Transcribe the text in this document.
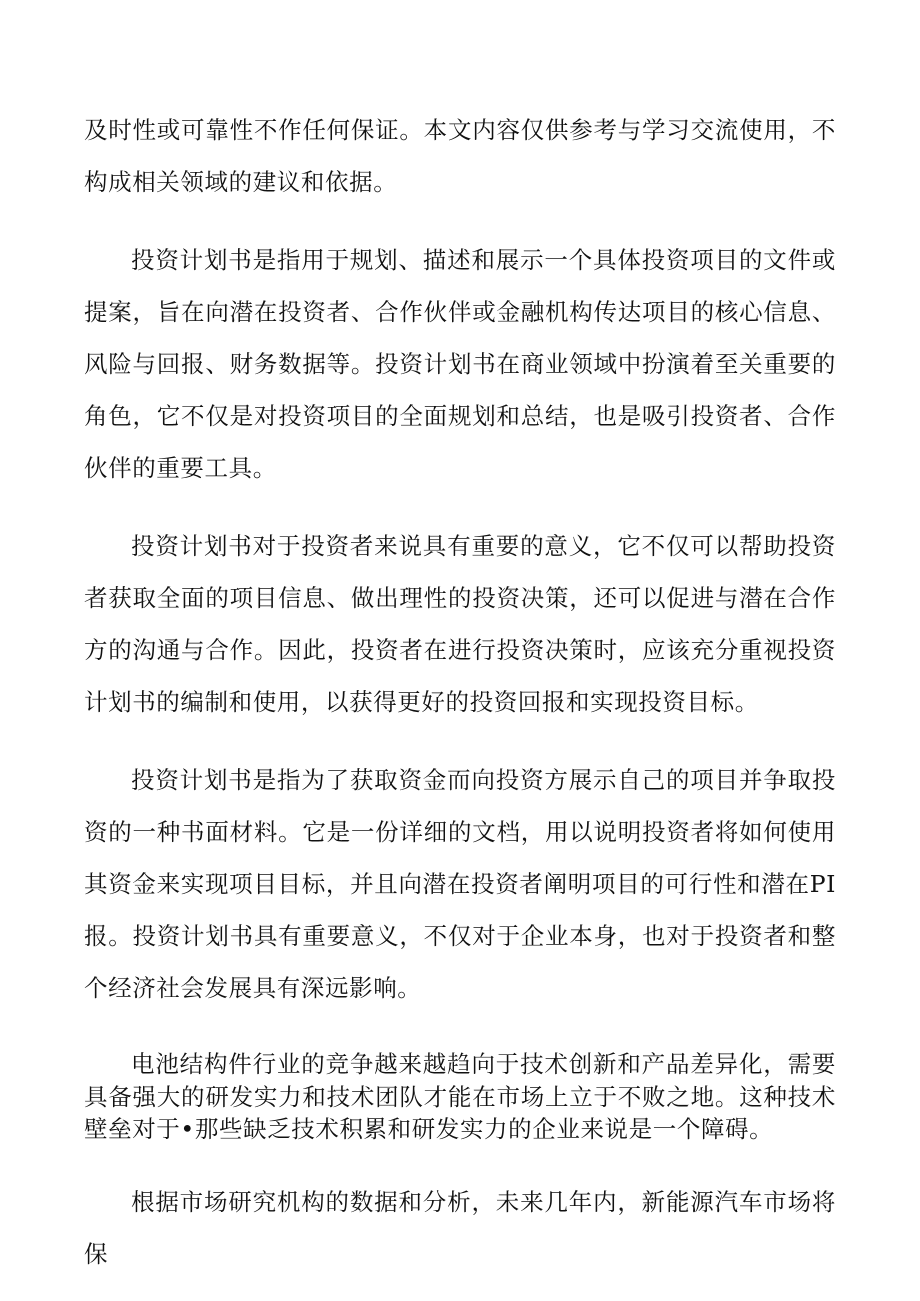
及时性或可靠性不作任何保证。本文内容仅供参考与学习交流使用，不构成相关领域的建议和依据。

投资计划书是指用于规划、描述和展示一个具体投资项目的文件或提案，旨在向潜在投资者、合作伙伴或金融机构传达项目的核心信息、风险与回报、财务数据等。投资计划书在商业领域中扮演着至关重要的角色，它不仅是对投资项目的全面规划和总结，也是吸引投资者、合作伙伴的重要工具。

投资计划书对于投资者来说具有重要的意义，它不仅可以帮助投资者获取全面的项目信息、做出理性的投资决策，还可以促进与潜在合作方的沟通与合作。因此，投资者在进行投资决策时，应该充分重视投资计划书的编制和使用，以获得更好的投资回报和实现投资目标。

投资计划书是指为了获取资金而向投资方展示自己的项目并争取投资的一种书面材料。它是一份详细的文档，用以说明投资者将如何使用其资金来实现项目目标，并且向潜在投资者阐明项目的可行性和潜在PI报。投资计划书具有重要意义，不仅对于企业本身，也对于投资者和整个经济社会发展具有深远影响。

电池结构件行业的竞争越来越趋向于技术创新和产品差异化，需要具备强大的研发实力和技术团队才能在市场上立于不败之地。这种技术壁垒对于•那些缺乏技术积累和研发实力的企业来说是一个障碍。

根据市场研究机构的数据和分析，未来几年内，新能源汽车市场将保
